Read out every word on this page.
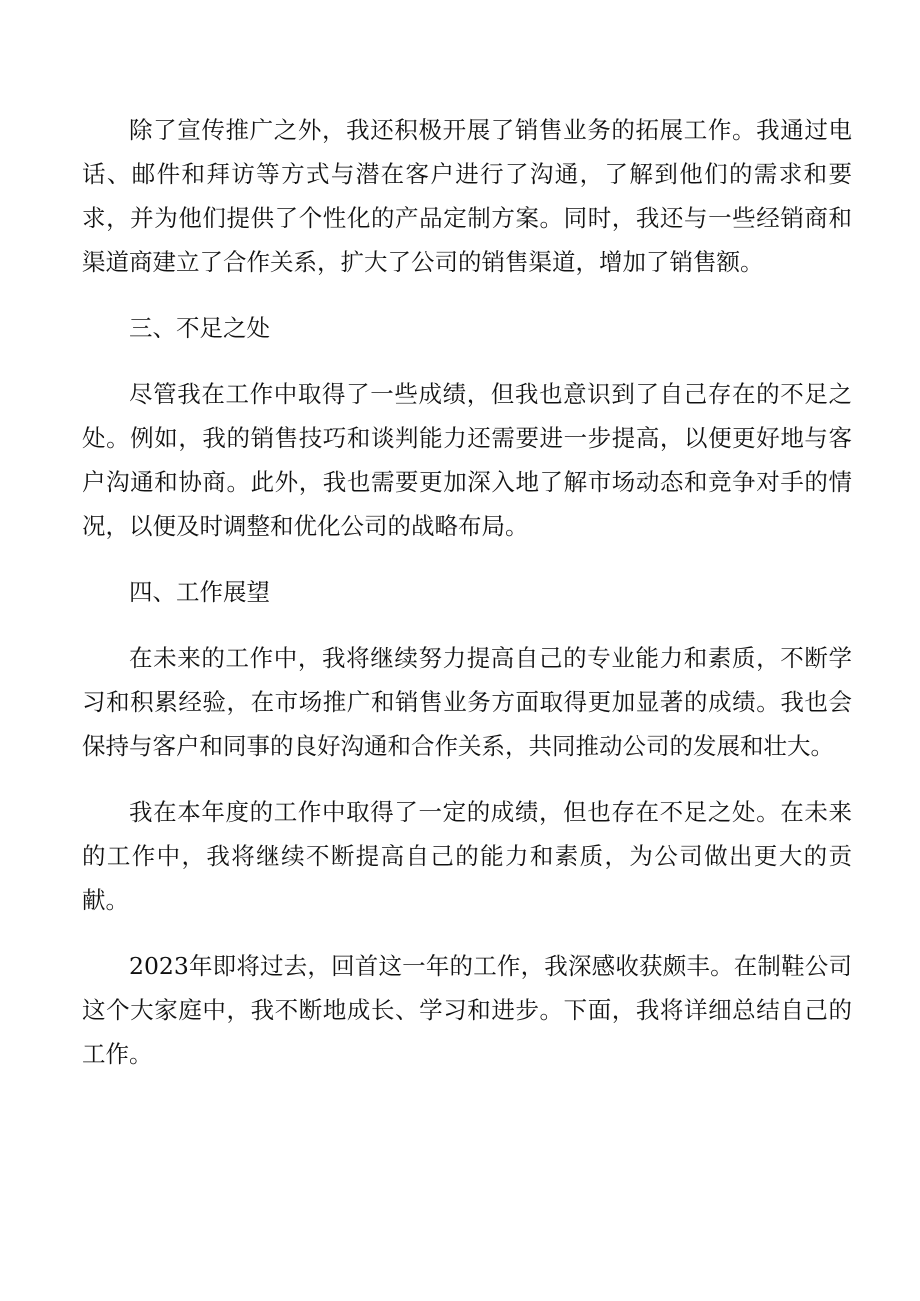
除了宣传推广之外，我还积极开展了销售业务的拓展工作。我通过电话、邮件和拜访等方式与潜在客户进行了沟通，了解到他们的需求和要求，并为他们提供了个性化的产品定制方案。同时，我还与一些经销商和渠道商建立了合作关系，扩大了公司的销售渠道，增加了销售额。

三、不足之处

尽管我在工作中取得了一些成绩，但我也意识到了自己存在的不足之处。例如，我的销售技巧和谈判能力还需要进一步提高，以便更好地与客户沟通和协商。此外，我也需要更加深入地了解市场动态和竞争对手的情况，以便及时调整和优化公司的战略布局。

四、工作展望

在未来的工作中，我将继续努力提高自己的专业能力和素质，不断学习和积累经验，在市场推广和销售业务方面取得更加显著的成绩。我也会保持与客户和同事的良好沟通和合作关系，共同推动公司的发展和壮大。

我在本年度的工作中取得了一定的成绩，但也存在不足之处。在未来的工作中，我将继续不断提高自己的能力和素质，为公司做出更大的贡献。

2023年即将过去，回首这一年的工作，我深感收获颇丰。在制鞋公司这个大家庭中，我不断地成长、学习和进步。下面，我将详细总结自己的工作。
